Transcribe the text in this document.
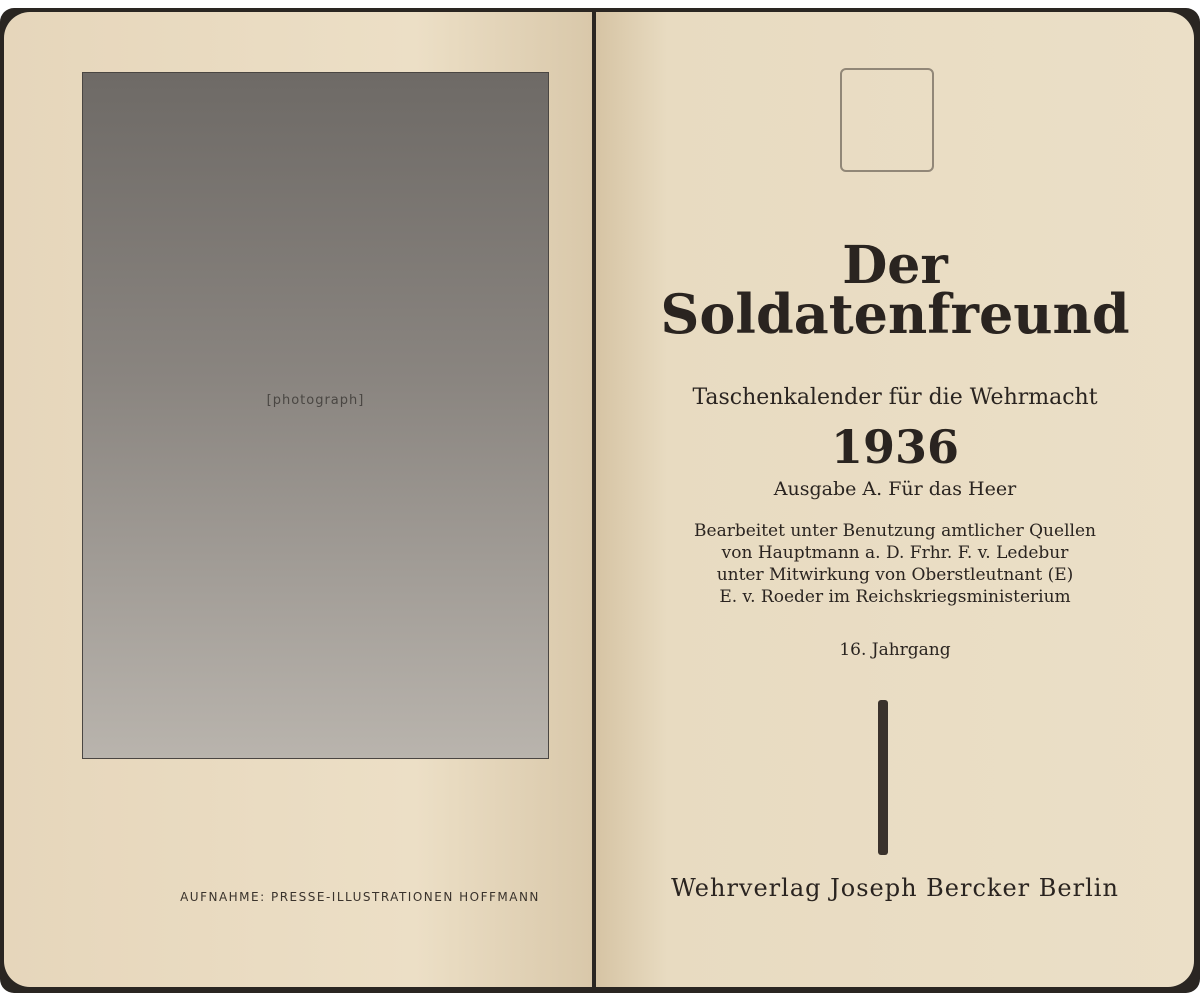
[photograph]
AUFNAHME: PRESSE-ILLUSTRATIONEN HOFFMANN
Der
Soldatenfreund
Taschenkalender für die Wehrmacht
1936
Ausgabe A. Für das Heer
Bearbeitet unter Benutzung amtlicher Quellen
von Hauptmann a. D. Frhr. F. v. Ledebur
unter Mitwirkung von Oberstleutnant (E)
E. v. Roeder im Reichskriegsministerium
16. Jahrgang
Wehrverlag Joseph Bercker Berlin
